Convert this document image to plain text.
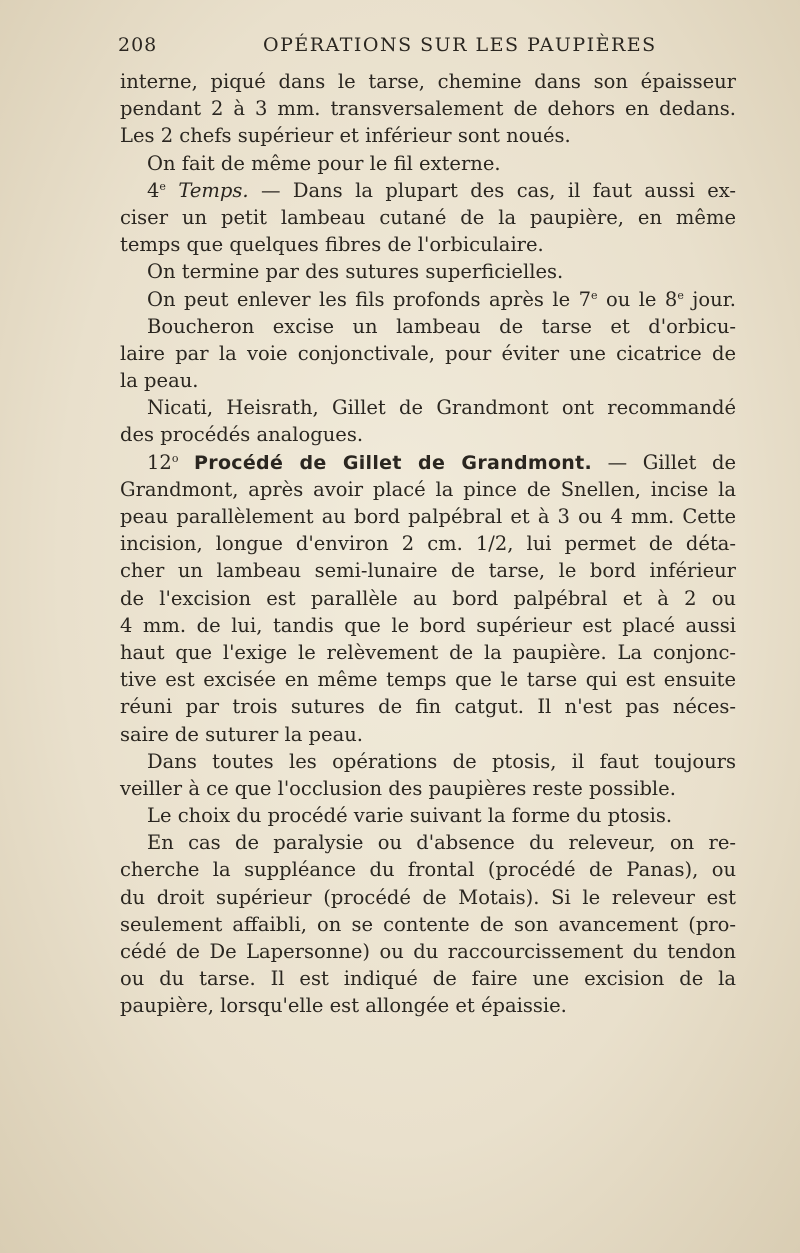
208	OPÉRATIONS SUR LES PAUPIÈRES
interne, piqué dans le tarse, chemine dans son épaisseur
pendant 2 à 3 mm. transversalement de dehors en dedans.
Les 2 chefs supérieur et inférieur sont noués.
On fait de même pour le fil externe.
4e Temps. — Dans la plupart des cas, il faut aussi ex-
ciser un petit lambeau cutané de la paupière, en même
temps que quelques fibres de l'orbiculaire.
On termine par des sutures superficielles.
On peut enlever les fils profonds après le 7e ou le 8e jour.
Boucheron excise un lambeau de tarse et d'orbicu-
laire par la voie conjonctivale, pour éviter une cicatrice de
la peau.
Nicati, Heisrath, Gillet de Grandmont ont recommandé
des procédés analogues.
12$^o$ Procédé de Gillet de Grandmont. — Gillet de
Grandmont, après avoir placé la pince de Snellen, incise la
peau parallèlement au bord palpébral et à 3 ou 4 mm. Cette
incision, longue d'environ 2 cm. 1/2, lui permet de déta-
cher un lambeau semi-lunaire de tarse, le bord inférieur
de l'excision est parallèle au bord palpébral et à 2 ou
4 mm. de lui, tandis que le bord supérieur est placé aussi
haut que l'exige le relèvement de la paupière. La conjonc-
tive est excisée en même temps que le tarse qui est ensuite
réuni par trois sutures de fin catgut. Il n'est pas néces-
saire de suturer la peau.
Dans toutes les opérations de ptosis, il faut toujours
veiller à ce que l'occlusion des paupières reste possible.
Le choix du procédé varie suivant la forme du ptosis.
En cas de paralysie ou d'absence du releveur, on re-
cherche la suppléance du frontal (procédé de Panas), ou
du droit supérieur (procédé de Motais). Si le releveur est
seulement affaibli, on se contente de son avancement (pro-
cédé de De Lapersonne) ou du raccourcissement du tendon
ou du tarse. Il est indiqué de faire une excision de la
paupière, lorsqu'elle est allongée et épaissie.
